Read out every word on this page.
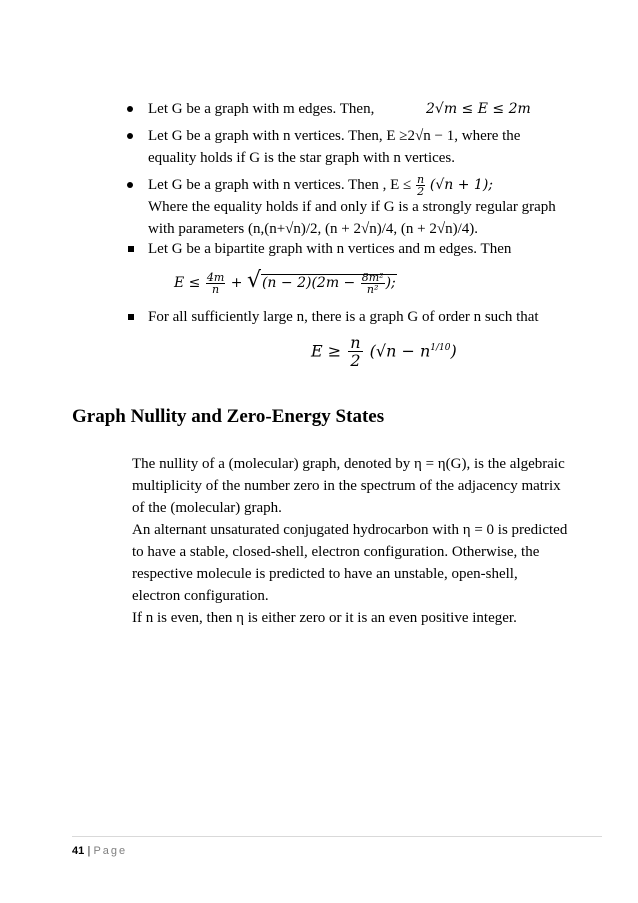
Let G be a graph with m edges. Then,	2√m ≤ E ≤ 2m
Let G be a graph with n vertices. Then, E ≥2√n − 1, where the
equality holds if G is the star graph with n vertices.
Let G be a graph with n vertices. Then , $E \le \frac{n}{2} (√n + 1)$;
Where the equality holds if and only if G is a strongly regular graph
with parameters (n,(n+√n)/2, (n + 2√n)/4, (n + 2√n)/4).
Let G be a bipartite graph with n vertices and m edges. Then
$E \le \frac{4m}{n} + √(n - 2)(2m - \frac{\text{8m²}}{\text{n²}}$ );
For all sufficiently large n, there is a graph G of order n such that
$E \ge \frac{n}{2} (√n - n^{1/10})$
Graph Nullity and Zero-Energy States
The nullity of a (molecular) graph, denoted by η = η(G), is the algebraic
multiplicity of the number zero in the spectrum of the adjacency matrix
of the (molecular) graph.
An alternant unsaturated conjugated hydrocarbon with η = 0 is predicted
to have a stable, closed-shell, electron configuration. Otherwise, the
respective molecule is predicted to have an unstable, open-shell,
electron configuration.
If n is even, then η is either zero or it is an even positive integer.
41 | Page
